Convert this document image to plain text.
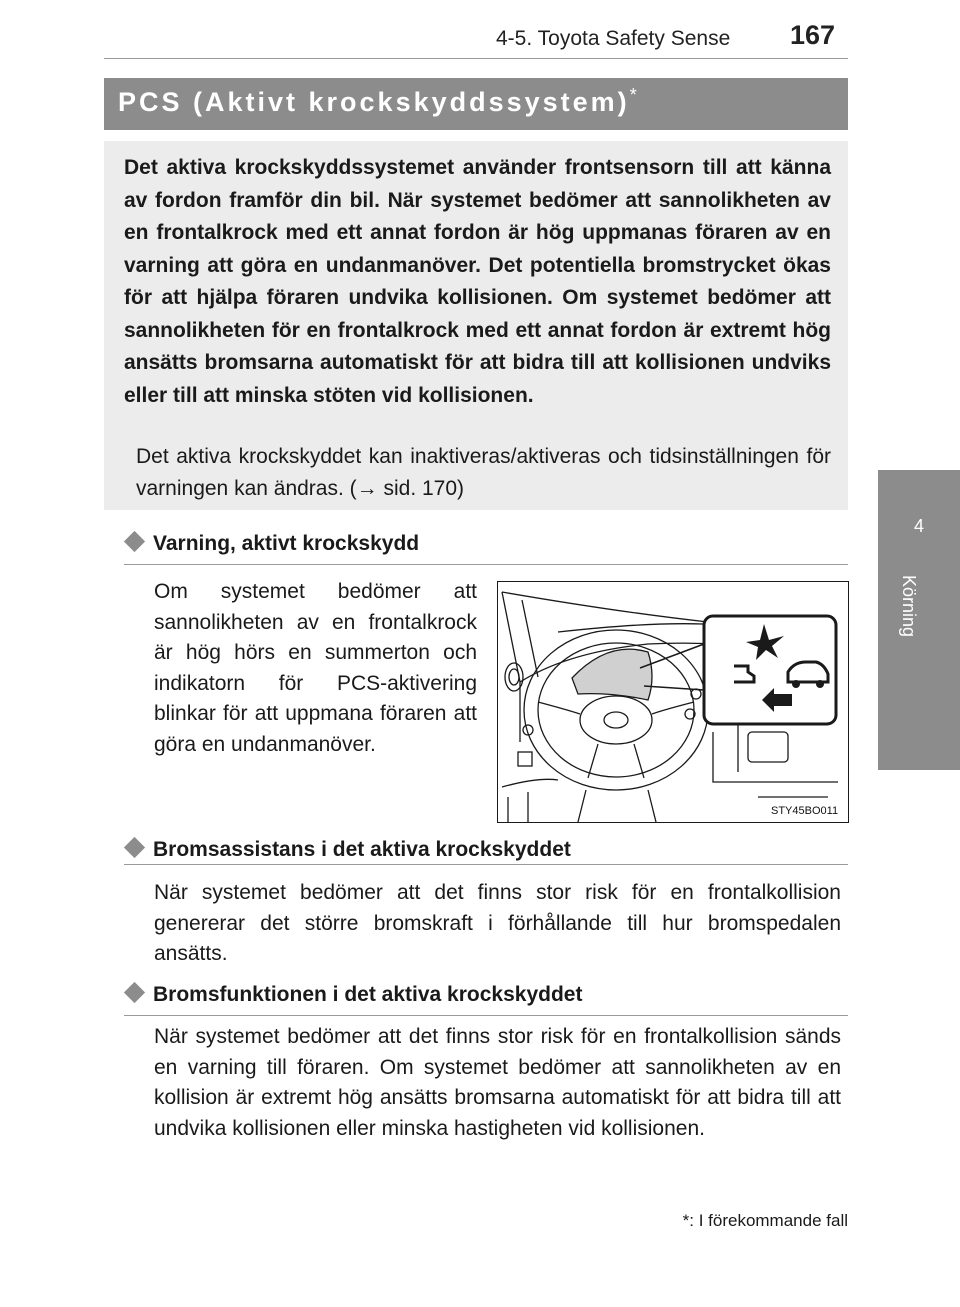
4-5. Toyota Safety Sense 167
4
Körning
PCS (Aktivt krockskyddssystem)*
Det aktiva krockskyddssystemet använder frontsensorn till att känna av fordon framför din bil. När systemet bedömer att sannolikheten av en frontalkrock med ett annat fordon är hög uppmanas föraren av en varning att göra en undanmanöver. Det potentiella bromstrycket ökas för att hjälpa föraren undvika kollisionen. Om systemet bedömer att sannolikheten för en frontalkrock med ett annat fordon är extremt hög ansätts bromsarna automatiskt för att bidra till att kollisionen undviks eller till att minska stöten vid kollisionen.
Det aktiva krockskyddet kan inaktiveras/aktiveras och tidsinställningen för varningen kan ändras. (→ sid. 170)
Varning, aktivt krockskydd
Om systemet bedömer att sannolikheten av en frontalkrock är hög hörs en summerton och indikatorn för PCS-aktivering blinkar för att uppmana föraren att göra en undanmanöver.
STY45BO011
Bromsassistans i det aktiva krockskyddet
När systemet bedömer att det finns stor risk för en frontalkollision genererar det större bromskraft i förhållande till hur bromspedalen ansätts.
Bromsfunktionen i det aktiva krockskyddet
När systemet bedömer att det finns stor risk för en frontalkollision sänds en varning till föraren. Om systemet bedömer att sannolikheten av en kollision är extremt hög ansätts bromsarna automatiskt för att bidra till att undvika kollisionen eller minska hastigheten vid kollisionen.
*: I förekommande fall
